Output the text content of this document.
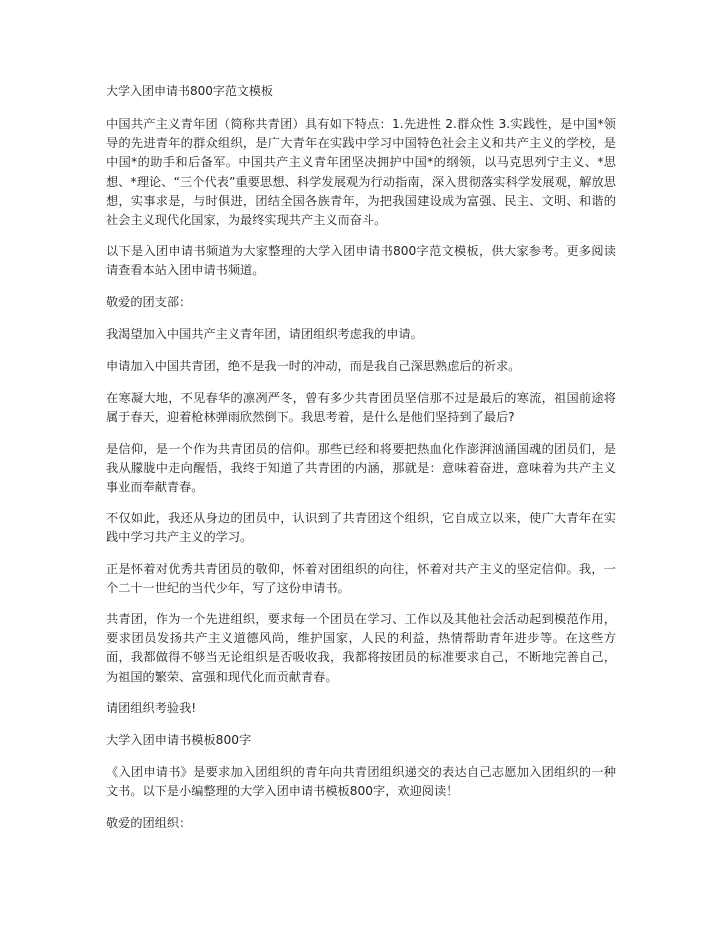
大学入团申请书800字范文模板

中国共产主义青年团（简称共青团）具有如下特点：1.先进性 2.群众性 3.实践性，是中国*领导的先进青年的群众组织，是广大青年在实践中学习中国特色社会主义和共产主义的学校，是中国*的助手和后备军。中国共产主义青年团坚决拥护中国*的纲领，以马克思列宁主义、*思想、*理论、“三个代表”重要思想、科学发展观为行动指南，深入贯彻落实科学发展观，解放思想，实事求是，与时俱进，团结全国各族青年，为把我国建设成为富强、民主、文明、和谐的社会主义现代化国家，为最终实现共产主义而奋斗。

以下是入团申请书频道为大家整理的大学入团申请书800字范文模板，供大家参考。更多阅读请查看本站入团申请书频道。

敬爱的团支部：

我渴望加入中国共产主义青年团，请团组织考虑我的申请。

申请加入中国共青团，绝不是我一时的冲动，而是我自己深思熟虑后的祈求。

在寒凝大地，不见春华的凛冽严冬，曾有多少共青团员坚信那不过是最后的寒流，祖国前途将属于春天，迎着枪林弹雨欣然倒下。我思考着，是什么是他们坚持到了最后?

是信仰，是一个作为共青团员的信仰。那些已经和将要把热血化作澎湃汹涌国魂的团员们，是我从朦胧中走向醒悟，我终于知道了共青团的内涵，那就是：意味着奋进，意味着为共产主义事业而奉献青春。

不仅如此，我还从身边的团员中，认识到了共青团这个组织，它自成立以来，使广大青年在实践中学习共产主义的学习。

正是怀着对优秀共青团员的敬仰，怀着对团组织的向往，怀着对共产主义的坚定信仰。我，一个二十一世纪的当代少年，写了这份申请书。

共青团，作为一个先进组织，要求每一个团员在学习、工作以及其他社会活动起到模范作用，要求团员发扬共产主义道德风尚，维护国家，人民的利益，热情帮助青年进步等。在这些方面，我都做得不够当无论组织是否吸收我，我都将按团员的标准要求自己，不断地完善自己，为祖国的繁荣、富强和现代化而贡献青春。

请团组织考验我!

大学入团申请书模板800字

《入团申请书》是要求加入团组织的青年向共青团组织递交的表达自己志愿加入团组织的一种文书。以下是小编整理的大学入团申请书模板800字，欢迎阅读！

敬爱的团组织：
